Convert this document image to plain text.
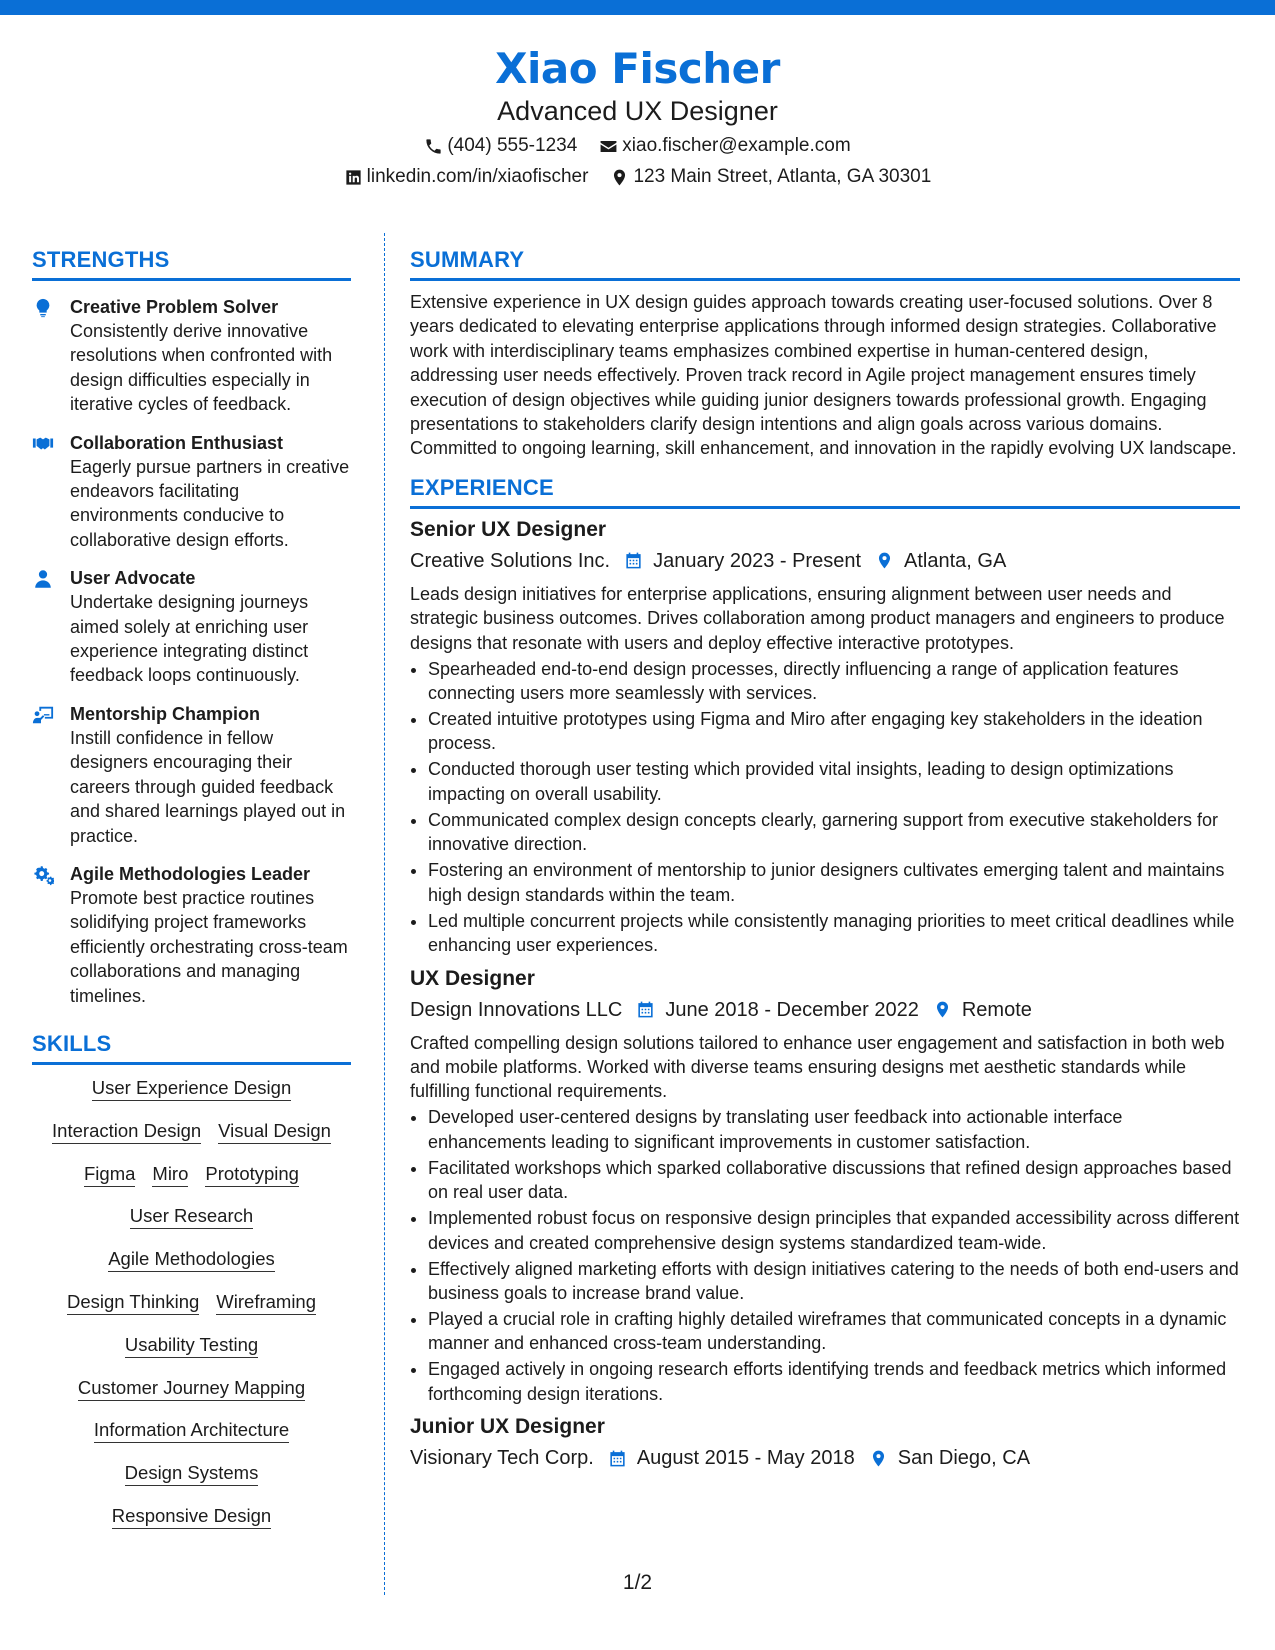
Xiao Fischer
Advanced UX Designer
(404) 555-1234 xiao.fischer@example.com
linkedin.com/in/xiaofischer 123 Main Street, Atlanta, GA 30301
STRENGTHS
Creative Problem Solver
Consistently derive innovative resolutions when confronted with design difficulties especially in iterative cycles of feedback.
Collaboration Enthusiast
Eagerly pursue partners in creative endeavors facilitating environments conducive to collaborative design efforts.
User Advocate
Undertake designing journeys aimed solely at enriching user experience integrating distinct feedback loops continuously.
Mentorship Champion
Instill confidence in fellow designers encouraging their careers through guided feedback and shared learnings played out in practice.
Agile Methodologies Leader
Promote best practice routines solidifying project frameworks efficiently orchestrating cross-team collaborations and managing timelines.
SKILLS
User Experience Design
Interaction Design Visual Design
Figma Miro Prototyping
User Research
Agile Methodologies
Design Thinking Wireframing
Usability Testing
Customer Journey Mapping
Information Architecture
Design Systems
Responsive Design
SUMMARY
Extensive experience in UX design guides approach towards creating user-focused solutions. Over 8 years dedicated to elevating enterprise applications through informed design strategies. Collaborative work with interdisciplinary teams emphasizes combined expertise in human-centered design, addressing user needs effectively. Proven track record in Agile project management ensures timely execution of design objectives while guiding junior designers towards professional growth. Engaging presentations to stakeholders clarify design intentions and align goals across various domains. Committed to ongoing learning, skill enhancement, and innovation in the rapidly evolving UX landscape.
EXPERIENCE
Senior UX Designer
Creative Solutions Inc. January 2023 - Present Atlanta, GA
Leads design initiatives for enterprise applications, ensuring alignment between user needs and strategic business outcomes. Drives collaboration among product managers and engineers to produce designs that resonate with users and deploy effective interactive prototypes.
• Spearheaded end-to-end design processes, directly influencing a range of application features connecting users more seamlessly with services.
• Created intuitive prototypes using Figma and Miro after engaging key stakeholders in the ideation process.
• Conducted thorough user testing which provided vital insights, leading to design optimizations impacting on overall usability.
• Communicated complex design concepts clearly, garnering support from executive stakeholders for innovative direction.
• Fostering an environment of mentorship to junior designers cultivates emerging talent and maintains high design standards within the team.
• Led multiple concurrent projects while consistently managing priorities to meet critical deadlines while enhancing user experiences.
UX Designer
Design Innovations LLC June 2018 - December 2022 Remote
Crafted compelling design solutions tailored to enhance user engagement and satisfaction in both web and mobile platforms. Worked with diverse teams ensuring designs met aesthetic standards while fulfilling functional requirements.
• Developed user-centered designs by translating user feedback into actionable interface enhancements leading to significant improvements in customer satisfaction.
• Facilitated workshops which sparked collaborative discussions that refined design approaches based on real user data.
• Implemented robust focus on responsive design principles that expanded accessibility across different devices and created comprehensive design systems standardized team-wide.
• Effectively aligned marketing efforts with design initiatives catering to the needs of both end-users and business goals to increase brand value.
• Played a crucial role in crafting highly detailed wireframes that communicated concepts in a dynamic manner and enhanced cross-team understanding.
• Engaged actively in ongoing research efforts identifying trends and feedback metrics which informed forthcoming design iterations.
Junior UX Designer
Visionary Tech Corp. August 2015 - May 2018 San Diego, CA
1/2
